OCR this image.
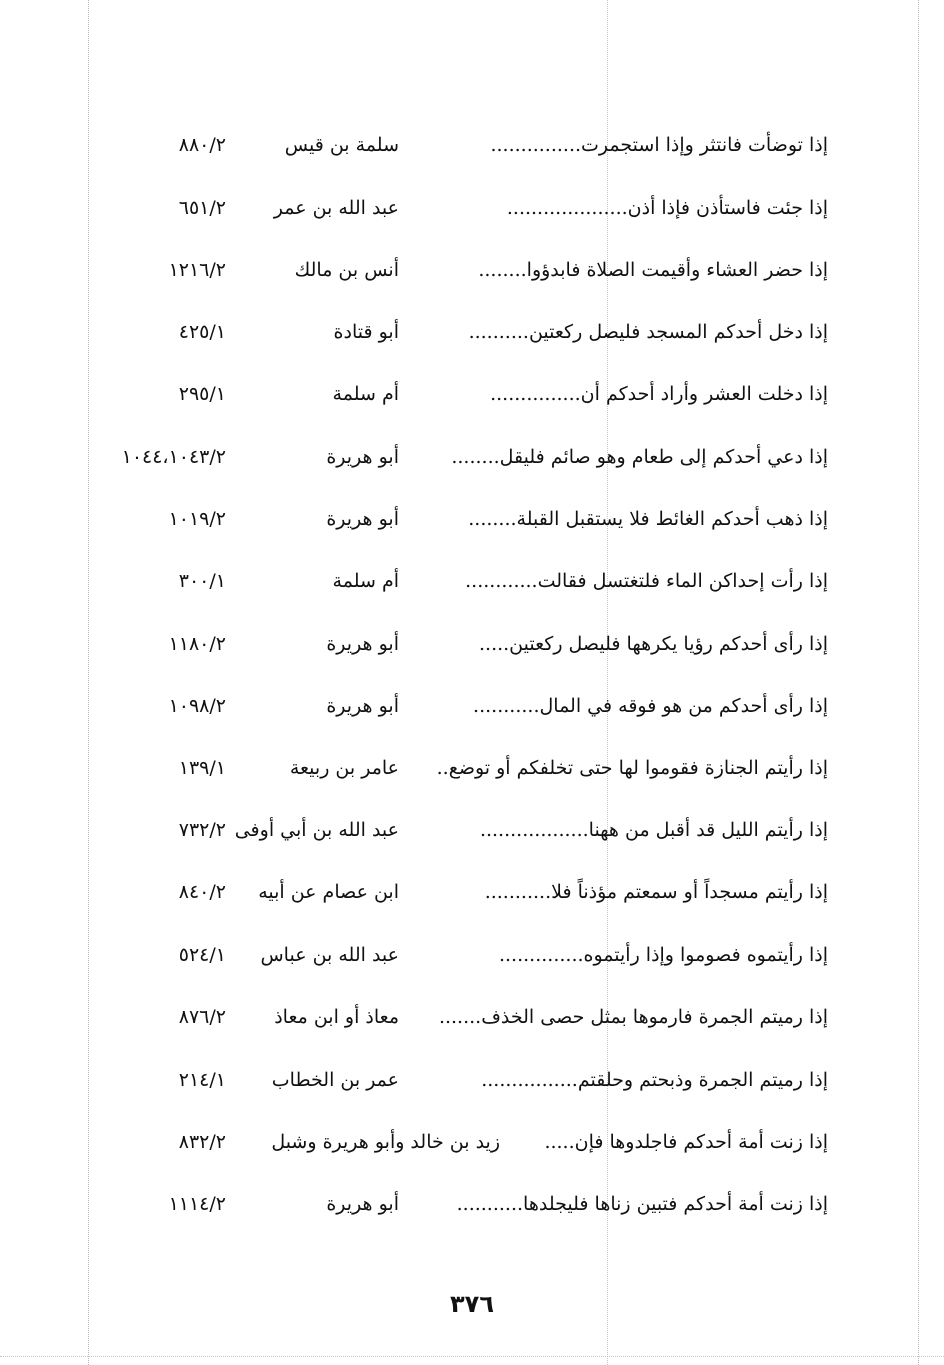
إذا توضأت فانتثر وإذا استجمرت...............
سلمة بن قيس
٨٨٠/٢
إذا جئت فاستأذن فإذا أذن....................
عبد الله بن عمر
٦٥١/٢
إذا حضر العشاء وأقيمت الصلاة فابدؤوا........
أنس بن مالك
١٢١٦/٢
إذا دخل أحدكم المسجد فليصل ركعتين..........
أبو قتادة
٤٢٥/١
إذا دخلت العشر وأراد أحدكم أن...............
أم سلمة
٢٩٥/١
إذا دعي أحدكم إلى طعام وهو صائم فليقل........
أبو هريرة
١٠٤٤،١٠٤٣/٢
إذا ذهب أحدكم الغائط فلا يستقبل القبلة........
أبو هريرة
١٠١٩/٢
إذا رأت إحداكن الماء فلتغتسل فقالت............
أم سلمة
٣٠٠/١
إذا رأى أحدكم رؤيا يكرهها فليصل ركعتين.....
أبو هريرة
١١٨٠/٢
إذا رأى أحدكم من هو فوقه في المال...........
أبو هريرة
١٠٩٨/٢
إذا رأيتم الجنازة فقوموا لها حتى تخلفكم أو توضع..
عامر بن ربيعة
١٣٩/١
إذا رأيتم الليل قد أقبل من ههنا..................
عبد الله بن أبي أوفى
٧٣٢/٢
إذا رأيتم مسجداً أو سمعتم مؤذناً فلا...........
ابن عصام عن أبيه
٨٤٠/٢
إذا رأيتموه فصوموا وإذا رأيتموه..............
عبد الله بن عباس
٥٢٤/١
إذا رميتم الجمرة فارموها بمثل حصى الخذف.......
معاذ أو ابن معاذ
٨٧٦/٢
إذا رميتم الجمرة وذبحتم وحلقتم................
عمر بن الخطاب
٢١٤/١
إذا زنت أمة أحدكم فاجلدوها فإن.....
زيد بن خالد وأبو هريرة وشبل
٨٣٢/٢
إذا زنت أمة أحدكم فتبين زناها فليجلدها...........
أبو هريرة
١١١٤/٢
٣٧٦
